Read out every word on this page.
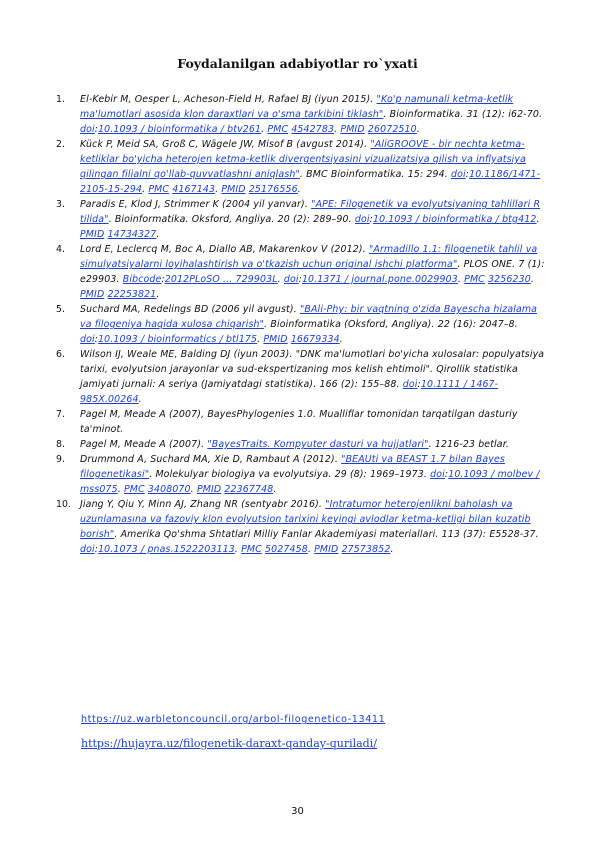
Foydalanilgan adabiyotlar ro`yxati
1. El-Kebir M, Oesper L, Acheson-Field H, Rafael BJ (iyun 2015). "Ko'p namunali ketma-ketlik ma'lumotlari asosida klon daraxtlari va o'sma tarkibini tiklash". Bioinformatika. 31 (12): i62-70. doi:10.1093 / bioinformatika / btv261. PMC 4542783. PMID 26072510.
2. Kück P, Meid SA, Groß C, Wägele JW, Misof B (avgust 2014). "AliGROOVE - bir nechta ketma-ketliklar bo'yicha heterojen ketma-ketlik divergentsiyasini vizualizatsiya qilish va inflyatsiya qilingan filialni qo'llab-quvvatlashni aniqlash". BMC Bioinformatika. 15: 294. doi:10.1186/1471-2105-15-294. PMC 4167143. PMID 25176556.
3. Paradis E, Klod J, Strimmer K (2004 yil yanvar). "APE: Filogenetik va evolyutsiyaning tahlillari R tilida". Bioinformatika. Oksford, Angliya. 20 (2): 289–90. doi:10.1093 / bioinformatika / btg412. PMID 14734327.
4. Lord E, Leclercq M, Boc A, Diallo AB, Makarenkov V (2012). "Armadillo 1.1: filogenetik tahlil va simulyatsiyalarni loyihalashtirish va o'tkazish uchun original ishchi platforma". PLOS ONE. 7 (1): e29903. Bibcode:2012PLoSO ... 729903L. doi:10.1371 / journal.pone.0029903. PMC 3256230. PMID 22253821.
5. Suchard MA, Redelings BD (2006 yil avgust). "BAli-Phy: bir vaqtning o'zida Bayescha hizalama va filogeniya haqida xulosa chiqarish". Bioinformatika (Oksford, Angliya). 22 (16): 2047–8. doi:10.1093 / bioinformatics / btl175. PMID 16679334.
6. Wilson IJ, Weale ME, Balding DJ (iyun 2003). "DNK ma'lumotlari bo'yicha xulosalar: populyatsiya tarixi, evolyutsion jarayonlar va sud-ekspertizaning mos kelish ehtimoli". Qirollik statistika jamiyati jurnali: A seriya (Jamiyatdagi statistika). 166 (2): 155–88. doi:10.1111 / 1467-985X.00264.
7. Pagel M, Meade A (2007), BayesPhylogenies 1.0. Mualliflar tomonidan tarqatilgan dasturiy ta'minot.
8. Pagel M, Meade A (2007). "BayesTraits. Kompyuter dasturi va hujjatlari". 1216-23 betlar.
9. Drummond A, Suchard MA, Xie D, Rambaut A (2012). "BEAUti va BEAST 1.7 bilan Bayes filogenetikasi". Molekulyar biologiya va evolyutsiya. 29 (8): 1969–1973. doi:10.1093 / molbev / mss075. PMC 3408070. PMID 22367748.
10. Jiang Y, Qiu Y, Minn AJ, Zhang NR (sentyabr 2016). "Intratumor heterojenlikni baholash va uzunlamasına va fazoviy klon evolyutsion tarixini keyingi avlodlar ketma-ketligi bilan kuzatib borish". Amerika Qo'shma Shtatlari Milliy Fanlar Akademiyasi materiallari. 113 (37): E5528-37. doi:10.1073 / pnas.1522203113. PMC 5027458. PMID 27573852.
https://uz.warbletoncouncil.org/arbol-filogenetico-13411
https://hujayra.uz/filogenetik-daraxt-qanday-quriladi/
30
